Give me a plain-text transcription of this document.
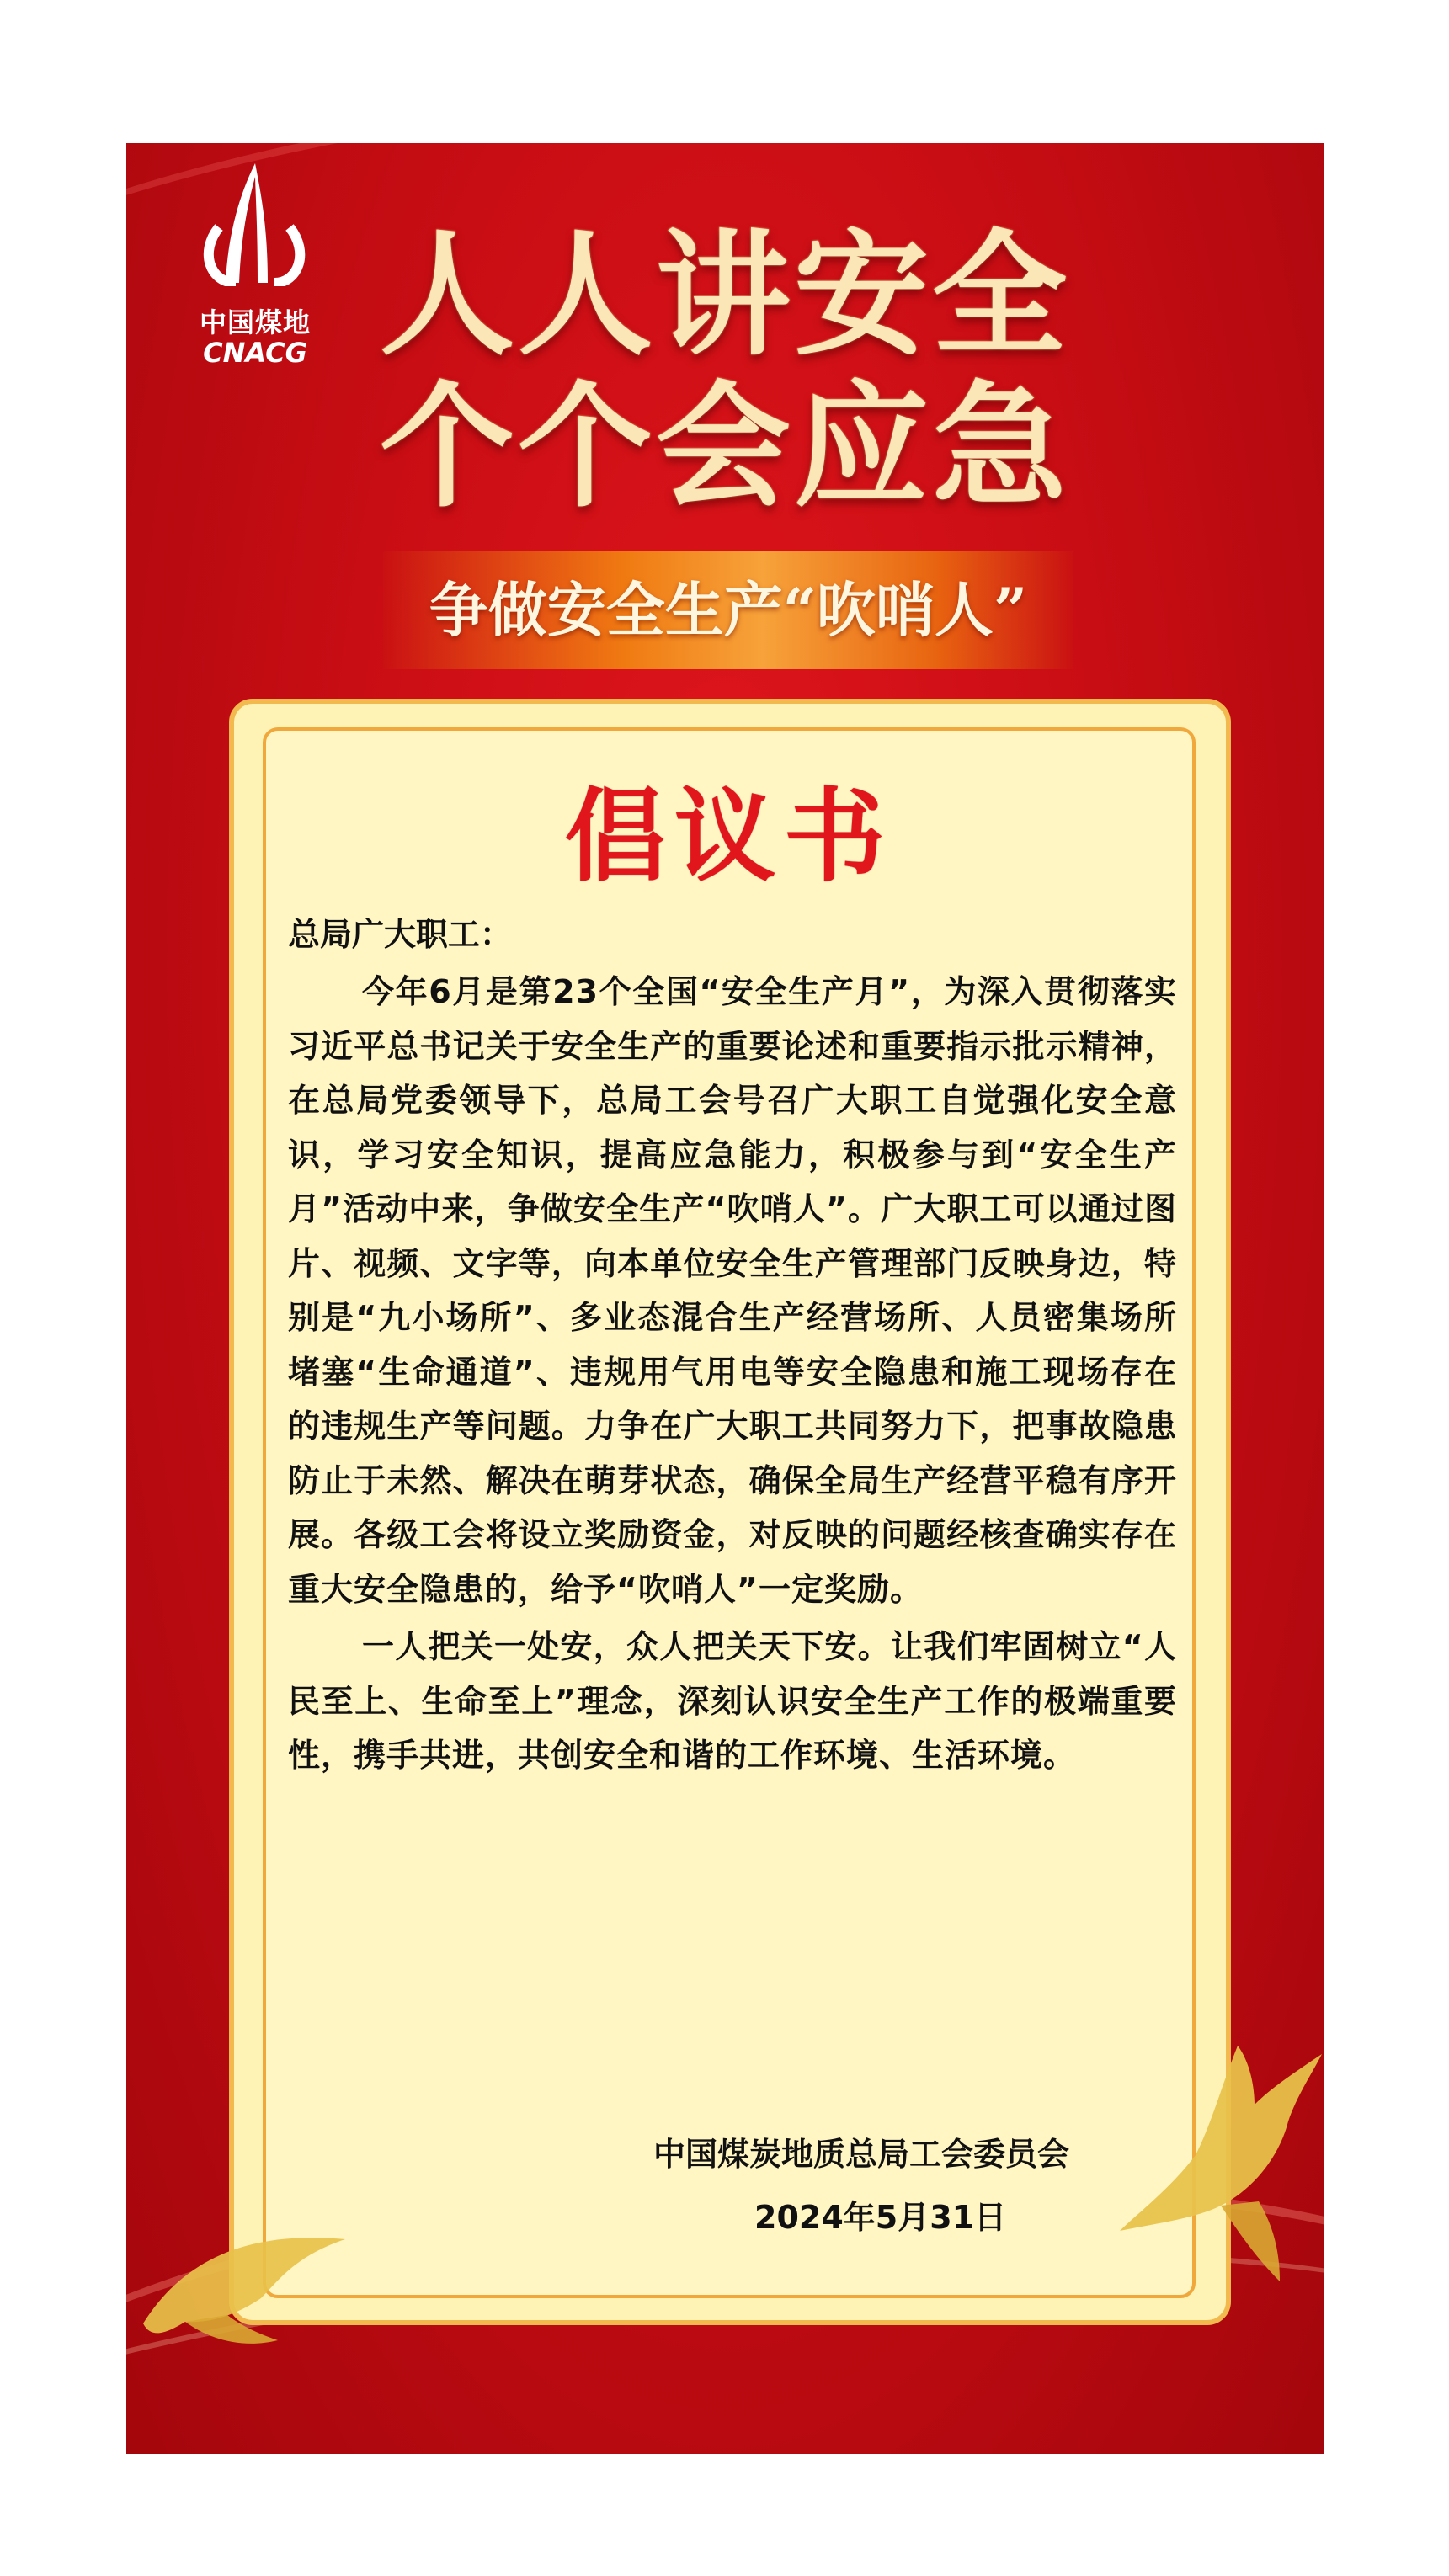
中国煤地
CNACG 人人讲安全
个个会应急
争做安全生产“吹哨人”
倡议书

总局广大职工：

今年6月是第23个全国“安全生产月”，为深入贯彻落实习近平总书记关于安全生产的重要论述和重要指示批示精神，在总局党委领导下，总局工会号召广大职工自觉强化安全意识，学习安全知识，提高应急能力，积极参与到“安全生产月”活动中来，争做安全生产“吹哨人”。广大职工可以通过图片、视频、文字等，向本单位安全生产管理部门反映身边，特别是“九小场所”、多业态混合生产经营场所、人员密集场所堵塞“生命通道”、违规用气用电等安全隐患和施工现场存在的违规生产等问题。力争在广大职工共同努力下，把事故隐患防止于未然、解决在萌芽状态，确保全局生产经营平稳有序开展。各级工会将设立奖励资金，对反映的问题经核查确实存在重大安全隐患的，给予“吹哨人”一定奖励。

一人把关一处安，众人把关天下安。让我们牢固树立“人民至上、生命至上”理念，深刻认识安全生产工作的极端重要性，携手共进，共创安全和谐的工作环境、生活环境。

中国煤炭地质总局工会委员会
2024年5月31日
